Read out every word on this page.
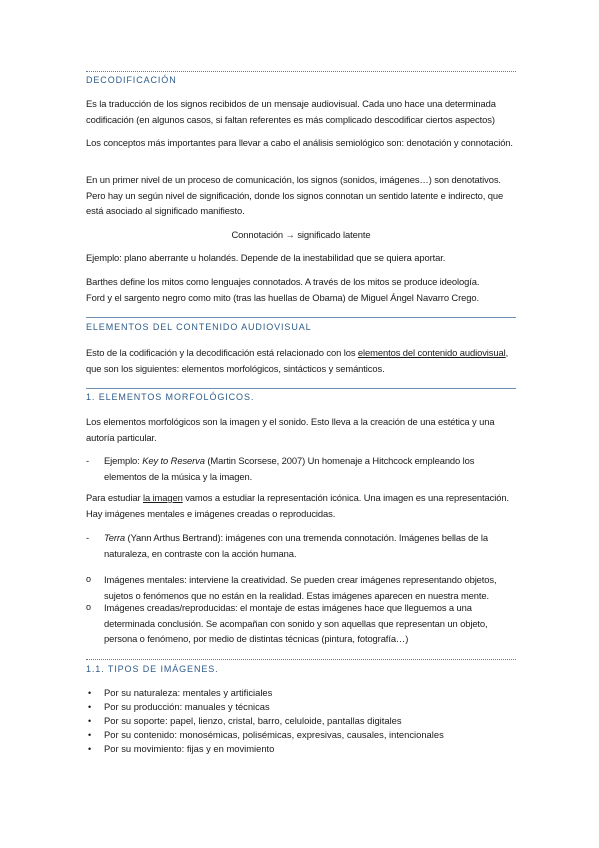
DECODIFICACIÓN
Es la traducción de los signos recibidos de un mensaje audiovisual. Cada uno hace una determinada codificación (en algunos casos, si faltan referentes es más complicado descodificar ciertos aspectos)
Los conceptos más importantes para llevar a cabo el análisis semiológico son: denotación y connotación.
En un primer nivel de un proceso de comunicación, los signos (sonidos, imágenes…) son denotativos. Pero hay un según nivel de significación, donde los signos connotan un sentido latente e indirecto, que está asociado al significado manifiesto.
Connotación → significado latente
Ejemplo: plano aberrante u holandés. Depende de la inestabilidad que se quiera aportar.
Barthes define los mitos como lenguajes connotados. A través de los mitos se produce ideología.
Ford y el sargento negro como mito (tras las huellas de Obama) de Miguel Ángel Navarro Crego.
ELEMENTOS DEL CONTENIDO AUDIOVISUAL
Esto de la codificación y la decodificación está relacionado con los elementos del contenido audiovisual, que son los siguientes: elementos morfológicos, sintácticos y semánticos.
1. ELEMENTOS MORFOLÓGICOS.
Los elementos morfológicos son la imagen y el sonido. Esto lleva a la creación de una estética y una autoría particular.
- Ejemplo: Key to Reserva (Martin Scorsese, 2007) Un homenaje a Hitchcock empleando los elementos de la música y la imagen.
Para estudiar la imagen vamos a estudiar la representación icónica. Una imagen es una representación. Hay imágenes mentales e imágenes creadas o reproducidas.
- Terra (Yann Arthus Bertrand): imágenes con una tremenda connotación. Imágenes bellas de la naturaleza, en contraste con la acción humana.
o Imágenes mentales: interviene la creatividad. Se pueden crear imágenes representando objetos, sujetos o fenómenos que no están en la realidad. Estas imágenes aparecen en nuestra mente.
o Imágenes creadas/reproducidas: el montaje de estas imágenes hace que lleguemos a una determinada conclusión. Se acompañan con sonido y son aquellas que representan un objeto, persona o fenómeno, por medio de distintas técnicas (pintura, fotografía…)
1.1. TIPOS DE IMÁGENES.
• Por su naturaleza: mentales y artificiales
• Por su producción: manuales y técnicas
• Por su soporte: papel, lienzo, cristal, barro, celuloide, pantallas digitales
• Por su contenido: monosémicas, polisémicas, expresivas, causales, intencionales
• Por su movimiento: fijas y en movimiento
